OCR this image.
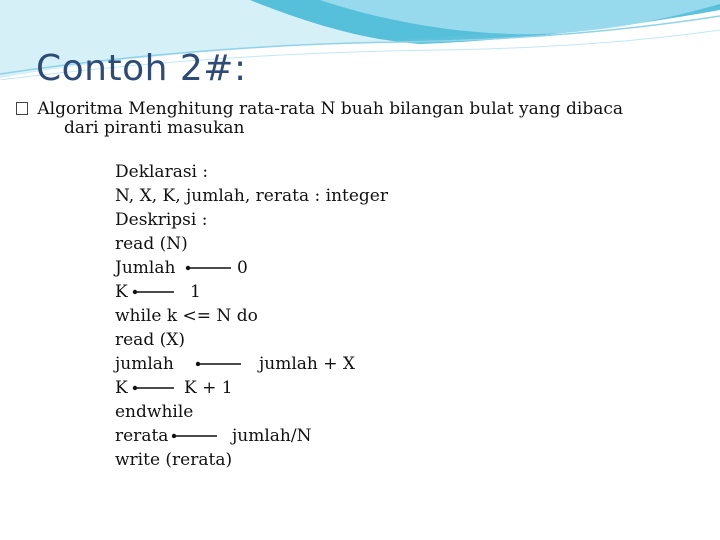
Contoh 2#:
Algoritma Menghitung rata-rata N buah bilangan bulat yang dibaca
dari piranti masukan
Deklarasi :
N, X, K, jumlah, rerata : integer
Deskripsi :
read (N)
Jumlah	0
K	1
while k <= N do
read (X)
jumlah	jumlah + X
K	K + 1
endwhile
rerata	jumlah/N
write (rerata)
